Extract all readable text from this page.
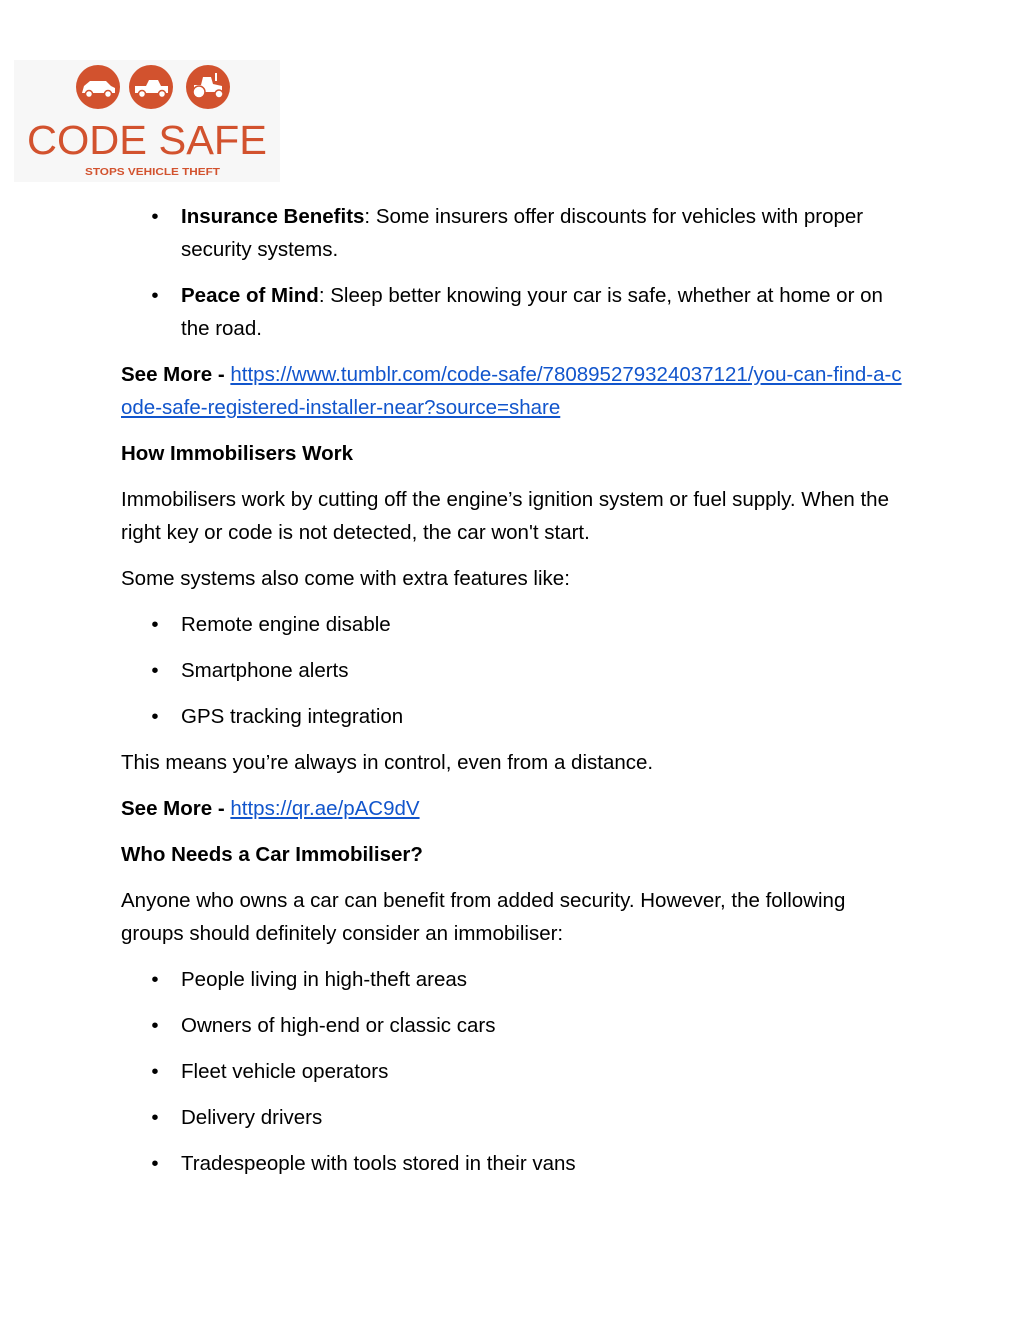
CODE SAFE
STOPS VEHICLE THEFT
• Insurance Benefits: Some insurers offer discounts for vehicles with proper security systems.
• Peace of Mind: Sleep better knowing your car is safe, whether at home or on the road.

See More - https://www.tumblr.com/code-safe/780895279324037121/you-can-find-a-code-safe-registered-installer-near?source=share

How Immobilisers Work

Immobilisers work by cutting off the engine’s ignition system or fuel supply. When the right key or code is not detected, the car won't start.

Some systems also come with extra features like:

• Remote engine disable
• Smartphone alerts
• GPS tracking integration

This means you’re always in control, even from a distance.

See More - https://qr.ae/pAC9dV

Who Needs a Car Immobiliser?

Anyone who owns a car can benefit from added security. However, the following groups should definitely consider an immobiliser:

• People living in high-theft areas
• Owners of high-end or classic cars
• Fleet vehicle operators
• Delivery drivers
• Tradespeople with tools stored in their vans
